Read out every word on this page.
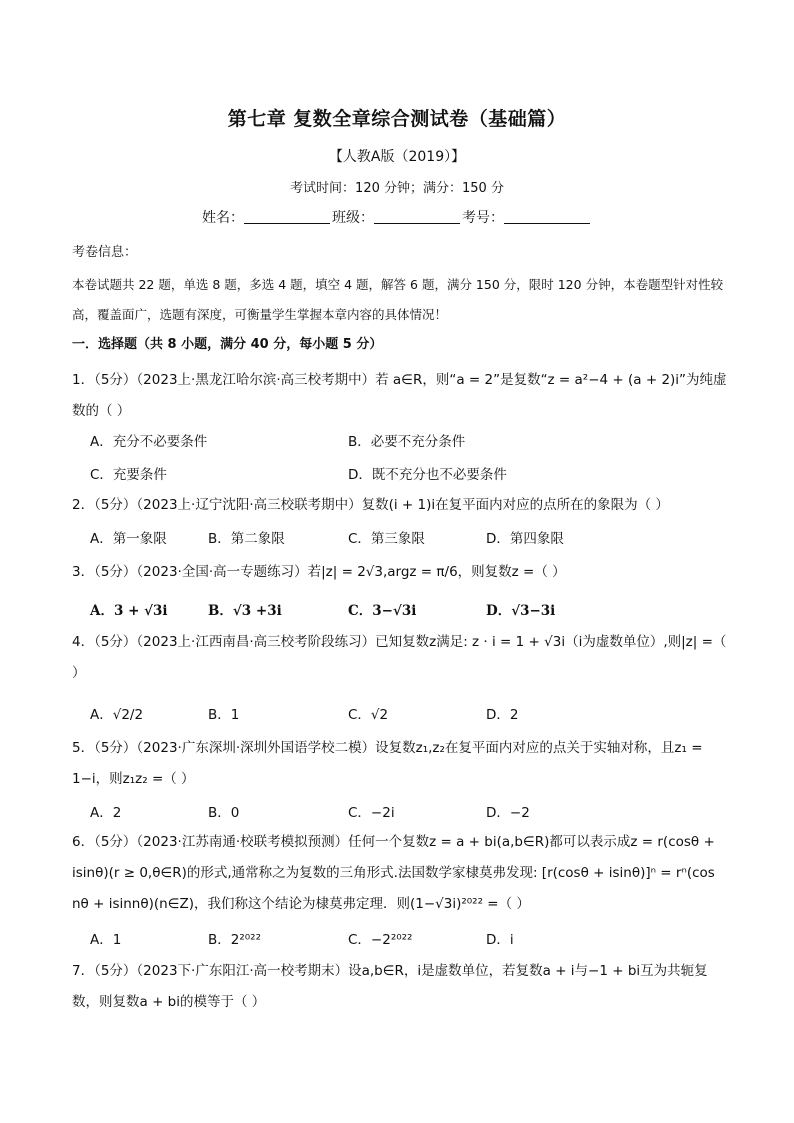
第七章 复数全章综合测试卷（基础篇）
【人教A版（2019）】
考试时间：120 分钟；满分：150 分
姓名：	班级：	考号：
考卷信息：
本卷试题共 22 题，单选 8 题，多选 4 题，填空 4 题，解答 6 题，满分 150 分，限时 120 分钟，本卷题型针对性较高，覆盖面广，选题有深度，可衡量学生掌握本章内容的具体情况！
一．选择题（共 8 小题，满分 40 分，每小题 5 分）
1．（5分）（2023上·黑龙江哈尔滨·高三校考期中）若 a∈R，则“a = 2”是复数“z = a²−4 + (a + 2)i”为纯虚数的（ ）
A．充分不必要条件	B．必要不充分条件
C．充要条件	D．既不充分也不必要条件
2．（5分）（2023上·辽宁沈阳·高三校联考期中）复数(i + 1)i在复平面内对应的点所在的象限为（ ）
A．第一象限	B．第二象限	C．第三象限	D．第四象限
3．（5分）（2023·全国·高一专题练习）若|z| = 2√3,argz = π/6，则复数z =（ ）
A．3 + √3i	B．√3 +3i	C．3−√3i	D．√3−3i
4．（5分）（2023上·江西南昌·高三校考阶段练习）已知复数z满足: z · i = 1 + √3i（i为虚数单位）,则|z| =（ ）
A．√2/2	B．1	C．√2	D．2
5．（5分）（2023·广东深圳·深圳外国语学校二模）设复数z₁,z₂在复平面内对应的点关于实轴对称，且z₁ = 1−i，则z₁z₂ =（ ）
A．2	B．0	C．−2i	D．−2
6．（5分）（2023·江苏南通·校联考模拟预测）任何一个复数z = a + bi(a,b∈R)都可以表示成z = r(cosθ + isinθ)(r ≥ 0,θ∈R)的形式,通常称之为复数的三角形式.法国数学家棣莫弗发现: [r(cosθ + isinθ)]ⁿ = rⁿ(cos nθ + isinnθ)(n∈Z)，我们称这个结论为棣莫弗定理．则(1−√3i)²⁰²² =（ ）
A．1	B．2²⁰²²	C．−2²⁰²²	D．i
7．（5分）（2023下·广东阳江·高一校考期末）设a,b∈R，i是虚数单位，若复数a + i与−1 + bi互为共轭复数，则复数a + bi的模等于（ ）
